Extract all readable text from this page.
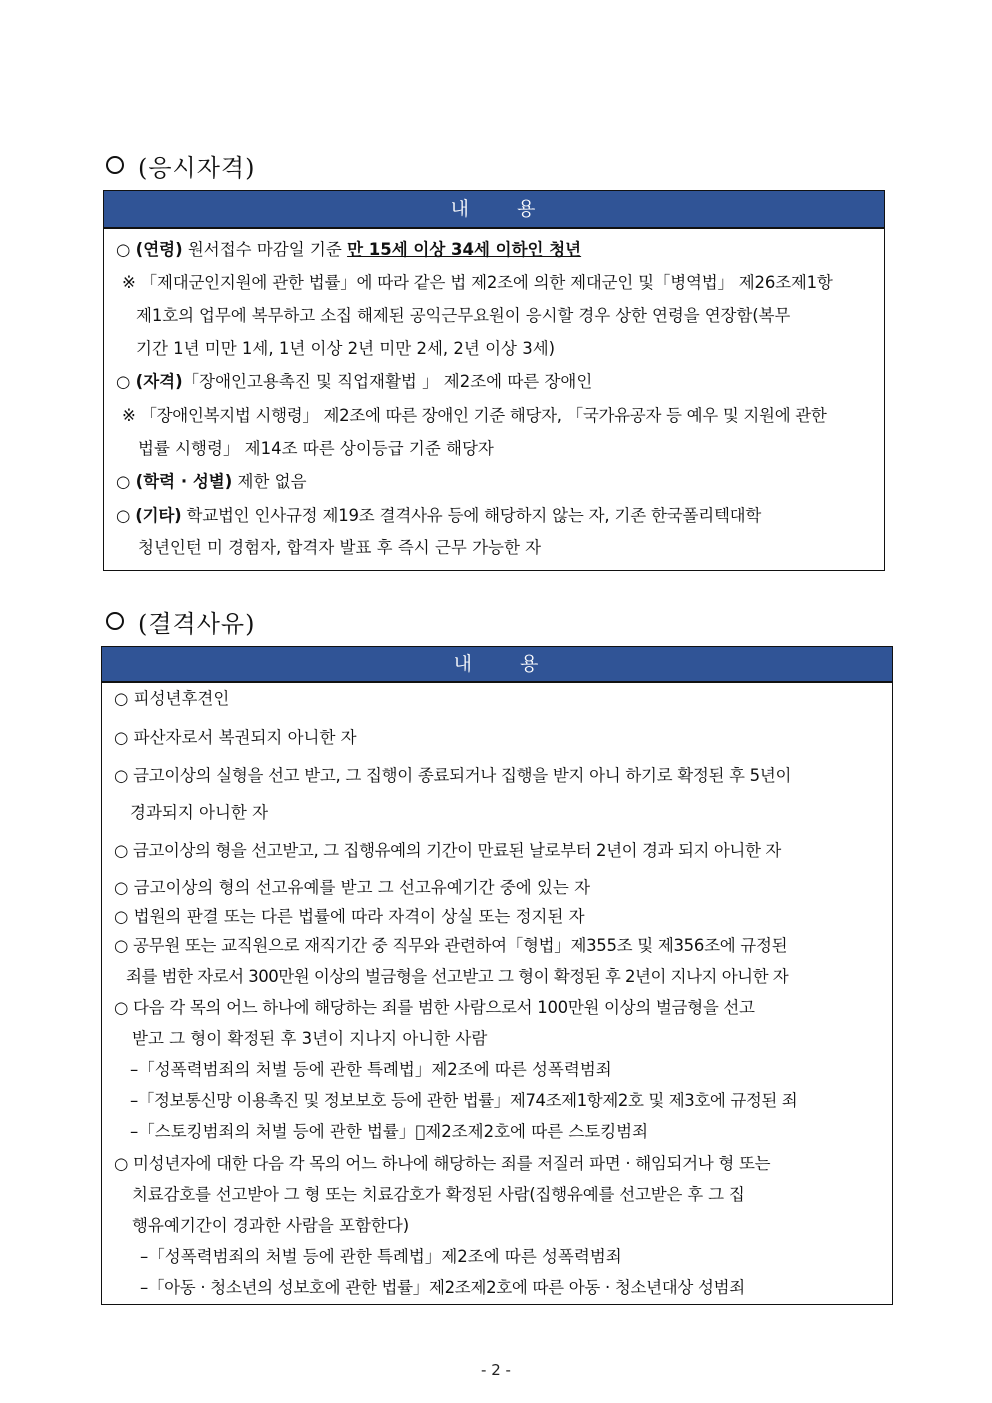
(응시자격)
내 용
○ (연령) 원서접수 마감일 기준 만 15세 이상 34세 이하인 청년
※ 「제대군인지원에 관한 법률」에 따라 같은 법 제2조에 의한 제대군인 및「병역법」 제26조제1항
제1호의 업무에 복무하고 소집 해제된 공익근무요원이 응시할 경우 상한 연령을 연장함(복무
기간 1년 미만 1세, 1년 이상 2년 미만 2세, 2년 이상 3세)
○ (자격)「장애인고용촉진 및 직업재활법 」 제2조에 따른 장애인
※ 「장애인복지법 시행령」 제2조에 따른 장애인 기준 해당자, 「국가유공자 등 예우 및 지원에 관한
법률 시행령」 제14조 따른 상이등급 기준 해당자
○ (학력 · 성별) 제한 없음
○ (기타) 학교법인 인사규정 제19조 결격사유 등에 해당하지 않는 자, 기존 한국폴리텍대학
청년인턴 미 경험자, 합격자 발표 후 즉시 근무 가능한 자
(결격사유)
내 용
○ 피성년후견인
○ 파산자로서 복권되지 아니한 자
○ 금고이상의 실형을 선고 받고, 그 집행이 종료되거나 집행을 받지 아니 하기로 확정된 후 5년이
경과되지 아니한 자
○ 금고이상의 형을 선고받고, 그 집행유예의 기간이 만료된 날로부터 2년이 경과 되지 아니한 자
○ 금고이상의 형의 선고유예를 받고 그 선고유예기간 중에 있는 자
○ 법원의 판결 또는 다른 법률에 따라 자격이 상실 또는 정지된 자
○ 공무원 또는 교직원으로 재직기간 중 직무와 관련하여「형법」제355조 및 제356조에 규정된
죄를 범한 자로서 300만원 이상의 벌금형을 선고받고 그 형이 확정된 후 2년이 지나지 아니한 자
○ 다음 각 목의 어느 하나에 해당하는 죄를 범한 사람으로서 100만원 이상의 벌금형을 선고
받고 그 형이 확정된 후 3년이 지나지 아니한 사람
–「성폭력범죄의 처벌 등에 관한 특례법」제2조에 따른 성폭력범죄
–「정보통신망 이용촉진 및 정보보호 등에 관한 법률」제74조제1항제2호 및 제3호에 규정된 죄
–「스토킹범죄의 처벌 등에 관한 법률」 제2조제2호에 따른 스토킹범죄
○ 미성년자에 대한 다음 각 목의 어느 하나에 해당하는 죄를 저질러 파면 · 해임되거나 형 또는
치료감호를 선고받아 그 형 또는 치료감호가 확정된 사람(집행유예를 선고받은 후 그 집
행유예기간이 경과한 사람을 포함한다)
–「성폭력범죄의 처벌 등에 관한 특례법」제2조에 따른 성폭력범죄
–「아동 · 청소년의 성보호에 관한 법률」제2조제2호에 따른 아동 · 청소년대상 성범죄
- 2 -
